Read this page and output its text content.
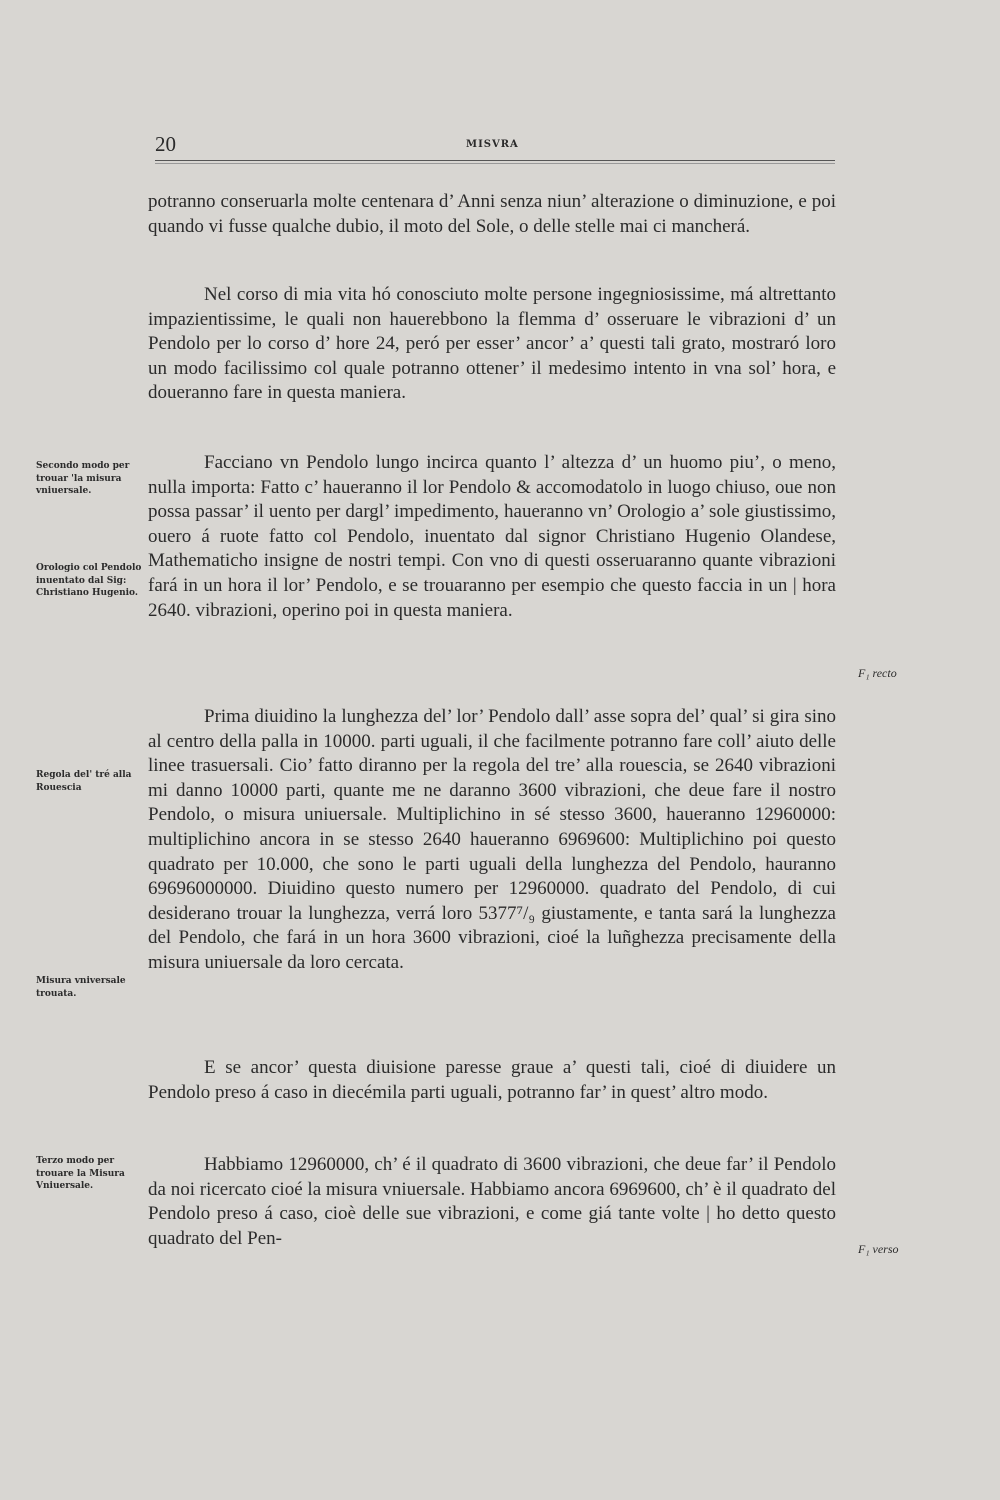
20	MISVRA

potranno conseruarla molte centenara d’ Anni senza niun’ alterazione o diminuzione, e poi quando vi fusse qualche dubio, il moto del Sole, o delle stelle mai ci mancherá.

Nel corso di mia vita hó conosciuto molte persone ingegniosissime, má altrettanto impazientissime, le quali non hauerebbono la flemma d’ osseruare le vibrazioni d’ un Pendolo per lo corso d’ hore 24, peró per esser’ ancor’ a’ questi tali grato, mostraró loro un modo facilissimo col quale potranno ottener’ il medesimo intento in vna sol’ hora, e doueranno fare in questa maniera.

Facciano vn Pendolo lungo incirca quanto l’ altezza d’ un huomo piu’, o meno, nulla importa: Fatto c’ haueranno il lor Pendolo & accomodatolo in luogo chiuso, oue non possa passar’ il uento per dargl’ impedimento, haueranno vn’ Orologio a’ sole giustissimo, ouero á ruote fatto col Pendolo, inuentato dal signor Christiano Hugenio Olandese, Mathematicho insigne de nostri tempi. Con vno di questi osseruaranno quante vibrazioni fará in un hora il lor’ Pendolo, e se trouaranno per esempio che questo faccia in un | hora 2640. vibrazioni, operino poi in questa maniera.

Prima diuidino la lunghezza del’ lor’ Pendolo dall’ asse sopra del’ qual’ si gira sino al centro della palla in 10000. parti uguali, il che facilmente potranno fare coll’ aiuto delle linee trasuersali. Cio’ fatto diranno per la regola del tre’ alla rouescia, se 2640 vibrazioni mi danno 10000 parti, quante me ne daranno 3600 vibrazioni, che deue fare il nostro Pendolo, o misura uniuersale. Multiplichino in sé stesso 3600, haueranno 12960000: multiplichino ancora in se stesso 2640 haueranno 6969600: Multiplichino poi questo quadrato per 10.000, che sono le parti uguali della lunghezza del Pendolo, hauranno 69696000000. Diuidino questo numero per 12960000. quadrato del Pendolo, di cui desiderano trouar la lunghezza, verrá loro 5377⁷/₉ giustamente, e tanta sará la lunghezza del Pendolo, che fará in un hora 3600 vibrazioni, cioé la luñghezza precisamente della misura uniuersale da loro cercata.

E se ancor’ questa diuisione paresse graue a’ questi tali, cioé di diuidere un Pendolo preso á caso in diecémila parti uguali, potranno far’ in quest’ altro modo.

Habbiamo 12960000, ch’ é il quadrato di 3600 vibrazioni, che deue far’ il Pendolo da noi ricercato cioé la misura vniuersale. Habbiamo ancora 6969600, ch’ è il quadrato del Pendolo preso á caso, cioè delle sue vibrazioni, e come giá tante volte | ho detto questo quadrato del Pen-

Secondo modo per trouar 'la misura vniuersale.
Orologio col Pendolo inuentato dal Sig: Christiano Hugenio.
Regola del' tré alla Rouescia
Misura vniversale trouata.
Terzo modo per trouare la Misura Vniuersale.
F₁ recto
F₁ verso
